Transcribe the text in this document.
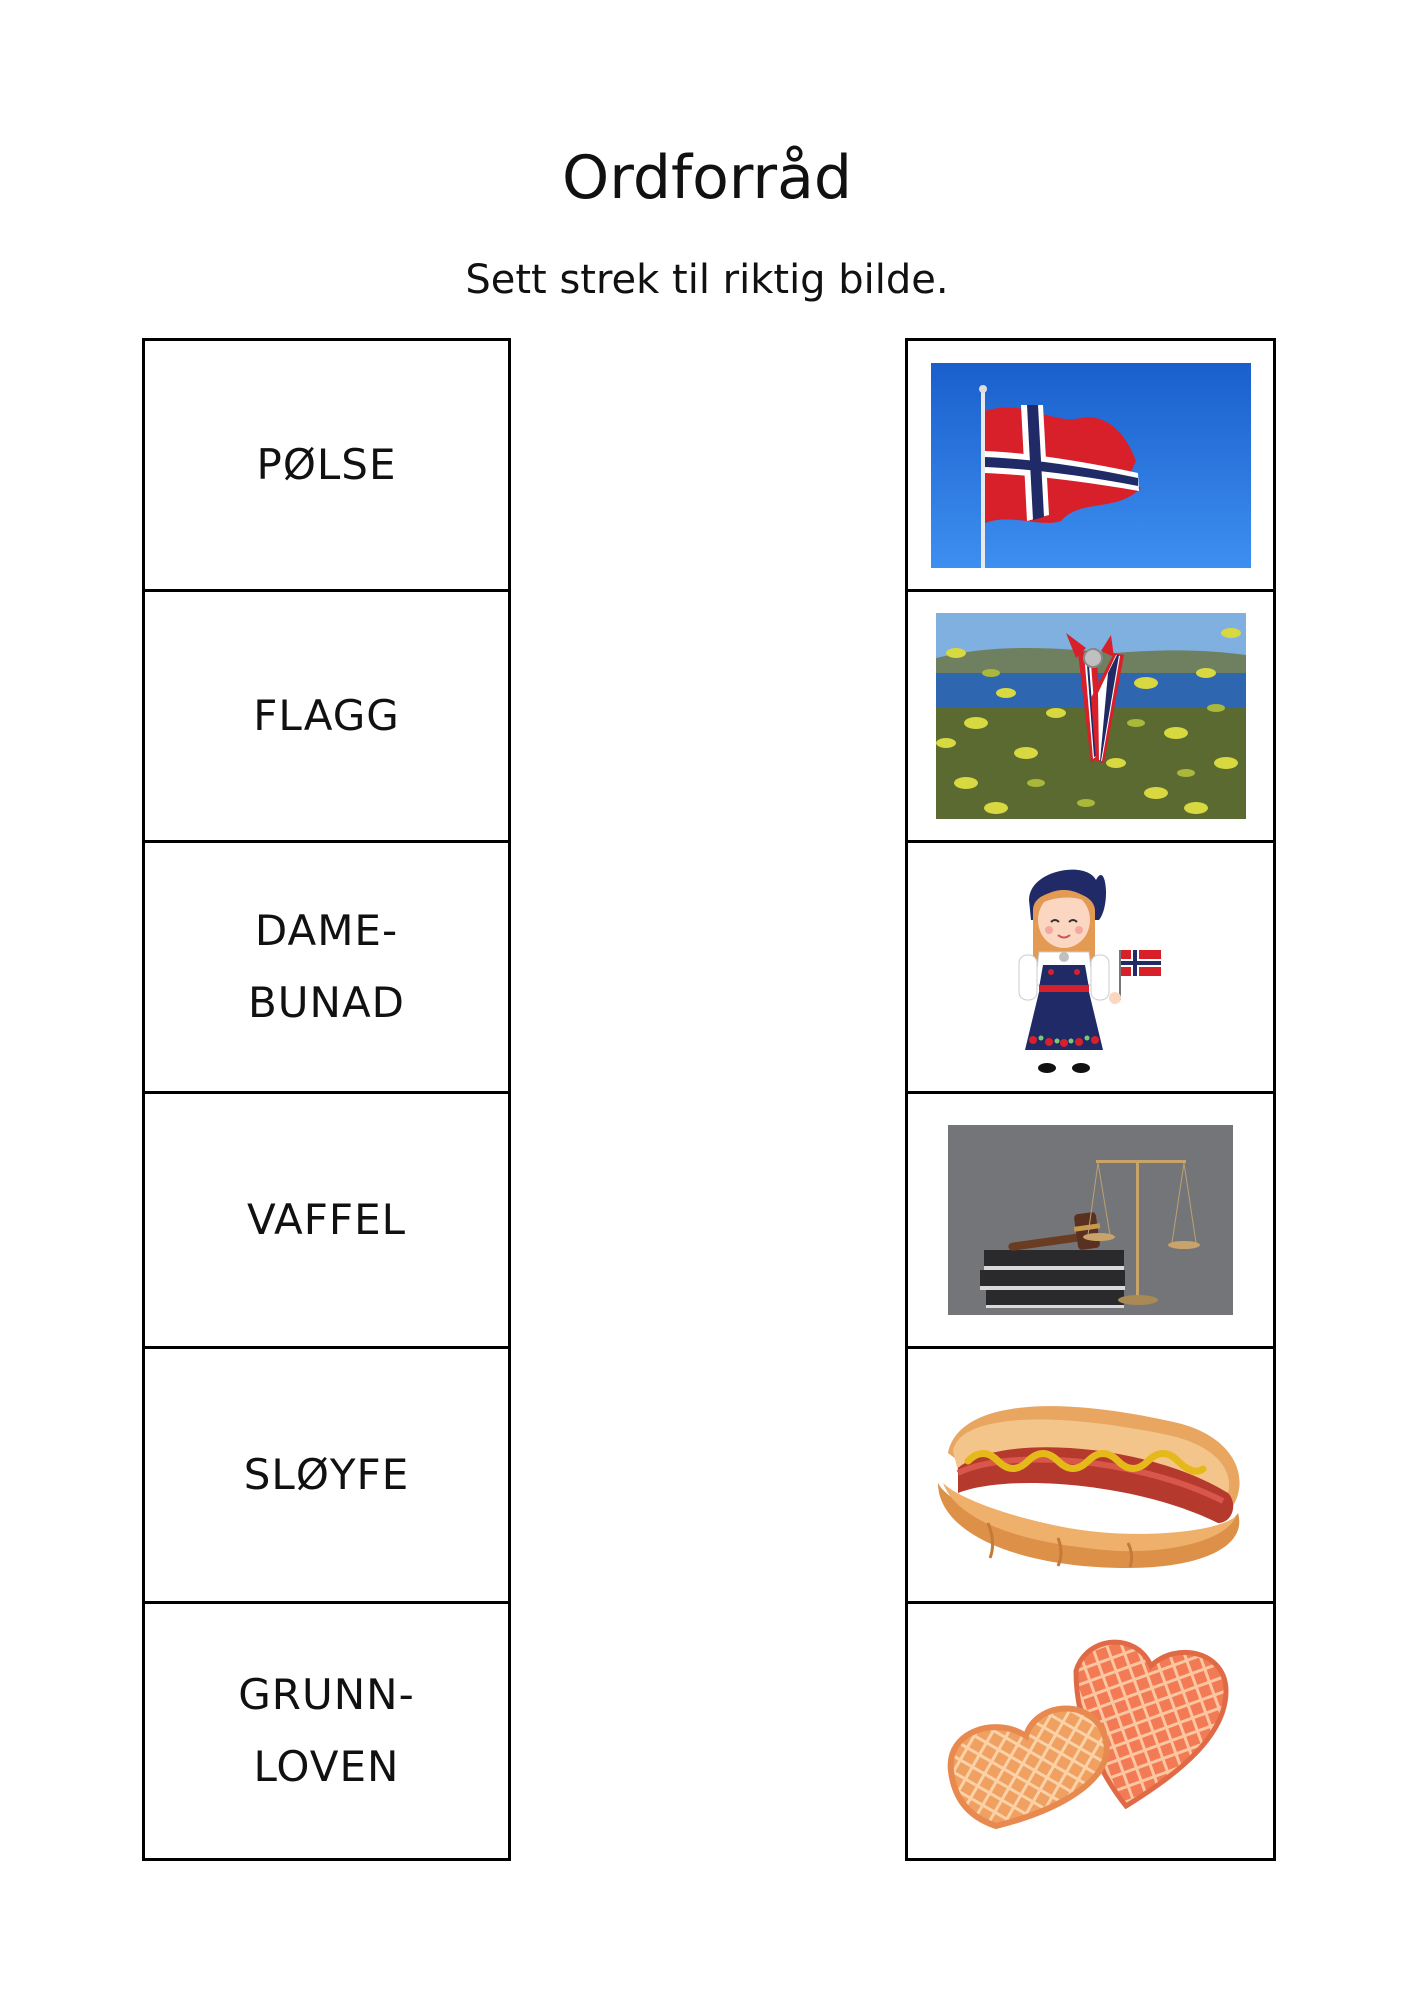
Ordforråd
Sett strek til riktig bilde.
PØLSE
FLAGG
DAME-
BUNAD
VAFFEL
SLØYFE
GRUNN-
LOVEN
